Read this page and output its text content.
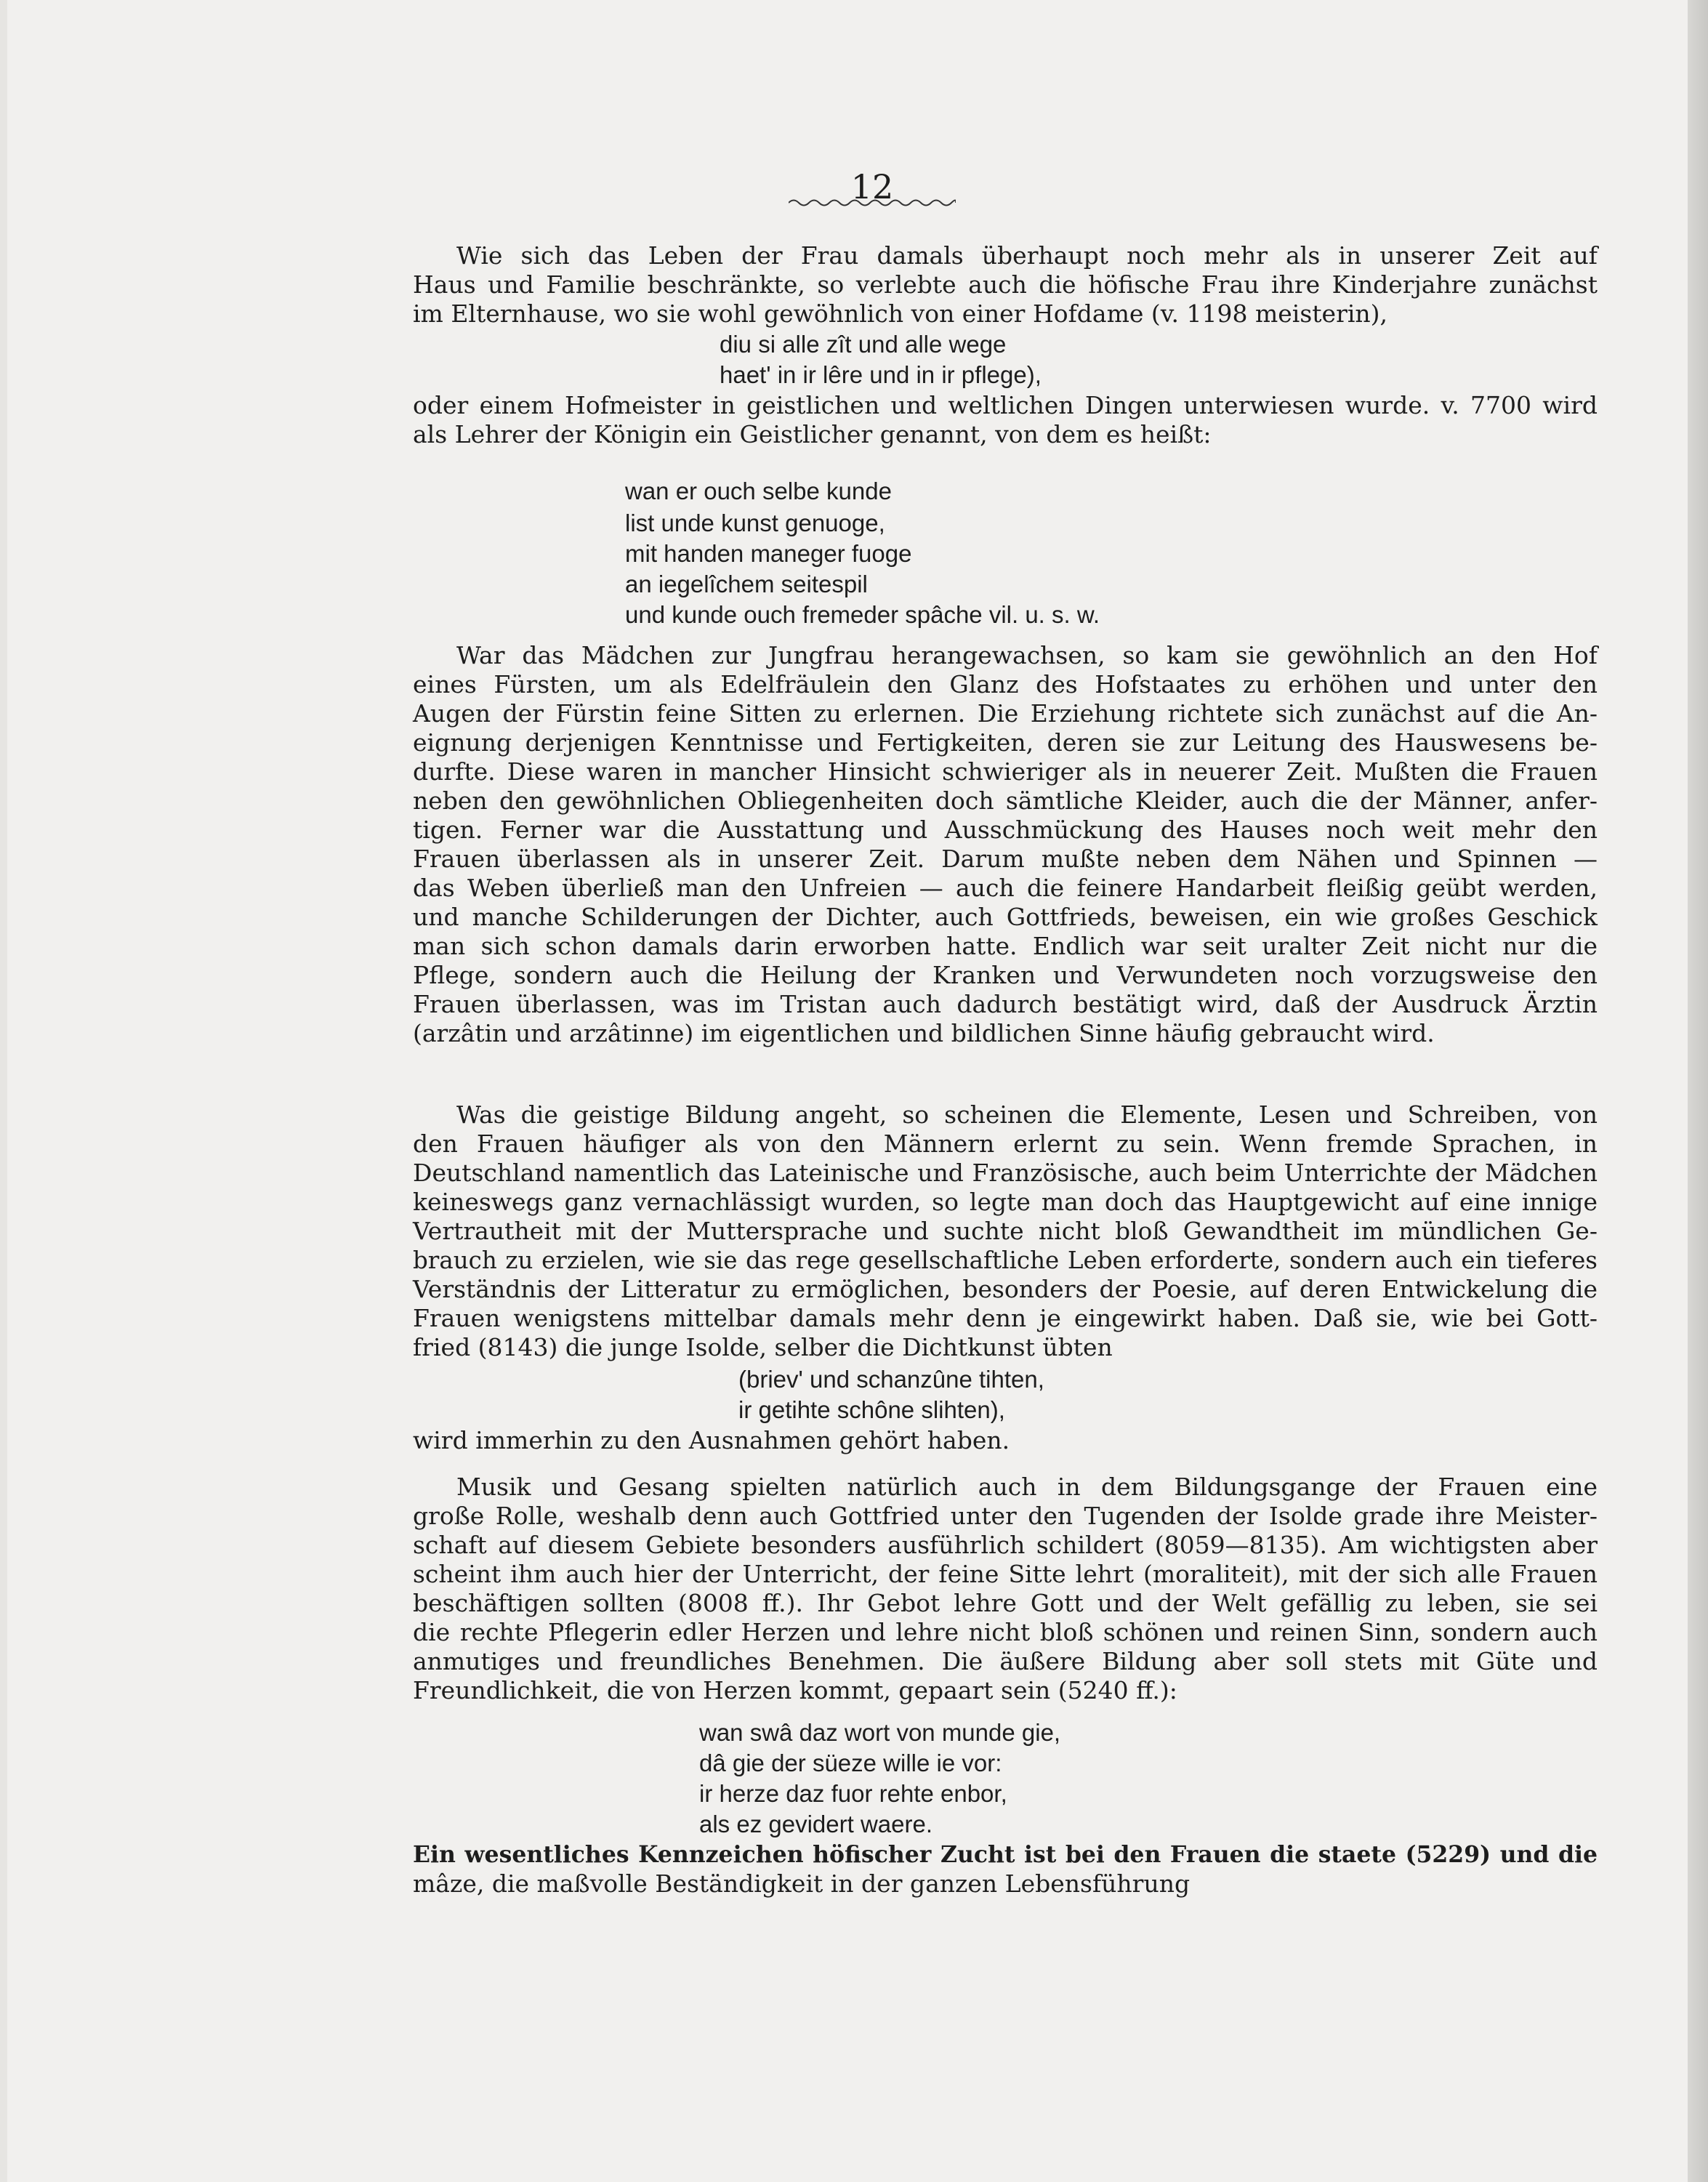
12

Wie sich das Leben der Frau damals überhaupt noch mehr als in unserer Zeit auf

Haus und Familie beschränkte, so verlebte auch die höfische Frau ihre Kinderjahre zunächst

im Elternhause, wo sie wohl gewöhnlich von einer Hofdame (v. 1198 meisterin),

diu si alle zît und alle wege

haet' in ir lêre und in ir pflege),

oder einem Hofmeister in geistlichen und weltlichen Dingen unterwiesen wurde. v. 7700 wird

als Lehrer der Königin ein Geistlicher genannt, von dem es heißt:

wan er ouch selbe kunde

list unde kunst genuoge,

mit handen maneger fuoge

an iegelîchem seitespil

und kunde ouch fremeder spâche vil. u. s. w.

War das Mädchen zur Jungfrau herangewachsen, so kam sie gewöhnlich an den Hof

eines Fürsten, um als Edelfräulein den Glanz des Hofstaates zu erhöhen und unter den

Augen der Fürstin feine Sitten zu erlernen. Die Erziehung richtete sich zunächst auf die An-

eignung derjenigen Kenntnisse und Fertigkeiten, deren sie zur Leitung des Hauswesens be-

durfte. Diese waren in mancher Hinsicht schwieriger als in neuerer Zeit. Mußten die Frauen

neben den gewöhnlichen Obliegenheiten doch sämtliche Kleider, auch die der Männer, anfer-

tigen. Ferner war die Ausstattung und Ausschmückung des Hauses noch weit mehr den

Frauen überlassen als in unserer Zeit. Darum mußte neben dem Nähen und Spinnen —

das Weben überließ man den Unfreien — auch die feinere Handarbeit fleißig geübt werden,

und manche Schilderungen der Dichter, auch Gottfrieds, beweisen, ein wie großes Geschick

man sich schon damals darin erworben hatte. Endlich war seit uralter Zeit nicht nur die

Pflege, sondern auch die Heilung der Kranken und Verwundeten noch vorzugsweise den

Frauen überlassen, was im Tristan auch dadurch bestätigt wird, daß der Ausdruck Ärztin

(arzâtin und arzâtinne) im eigentlichen und bildlichen Sinne häufig gebraucht wird.

Was die geistige Bildung angeht, so scheinen die Elemente, Lesen und Schreiben, von

den Frauen häufiger als von den Männern erlernt zu sein. Wenn fremde Sprachen, in

Deutschland namentlich das Lateinische und Französische, auch beim Unterrichte der Mädchen

keineswegs ganz vernachlässigt wurden, so legte man doch das Hauptgewicht auf eine innige

Vertrautheit mit der Muttersprache und suchte nicht bloß Gewandtheit im mündlichen Ge-

brauch zu erzielen, wie sie das rege gesellschaftliche Leben erforderte, sondern auch ein tieferes

Verständnis der Litteratur zu ermöglichen, besonders der Poesie, auf deren Entwickelung die

Frauen wenigstens mittelbar damals mehr denn je eingewirkt haben. Daß sie, wie bei Gott-

fried (8143) die junge Isolde, selber die Dichtkunst übten

(briev' und schanzûne tihten,

ir getihte schône slihten),

wird immerhin zu den Ausnahmen gehört haben.

Musik und Gesang spielten natürlich auch in dem Bildungsgange der Frauen eine

große Rolle, weshalb denn auch Gottfried unter den Tugenden der Isolde grade ihre Meister-

schaft auf diesem Gebiete besonders ausführlich schildert (8059—8135). Am wichtigsten aber

scheint ihm auch hier der Unterricht, der feine Sitte lehrt (moraliteit), mit der sich alle Frauen

beschäftigen sollten (8008 ff.). Ihr Gebot lehre Gott und der Welt gefällig zu leben, sie sei

die rechte Pflegerin edler Herzen und lehre nicht bloß schönen und reinen Sinn, sondern auch

anmutiges und freundliches Benehmen. Die äußere Bildung aber soll stets mit Güte und

Freundlichkeit, die von Herzen kommt, gepaart sein (5240 ff.):

wan swâ daz wort von munde gie,

dâ gie der süeze wille ie vor:

ir herze daz fuor rehte enbor,

als ez gevidert waere.

Ein wesentliches Kennzeichen höfischer Zucht ist bei den Frauen die staete (5229) und die

mâze, die maßvolle Beständigkeit in der ganzen Lebensführung
